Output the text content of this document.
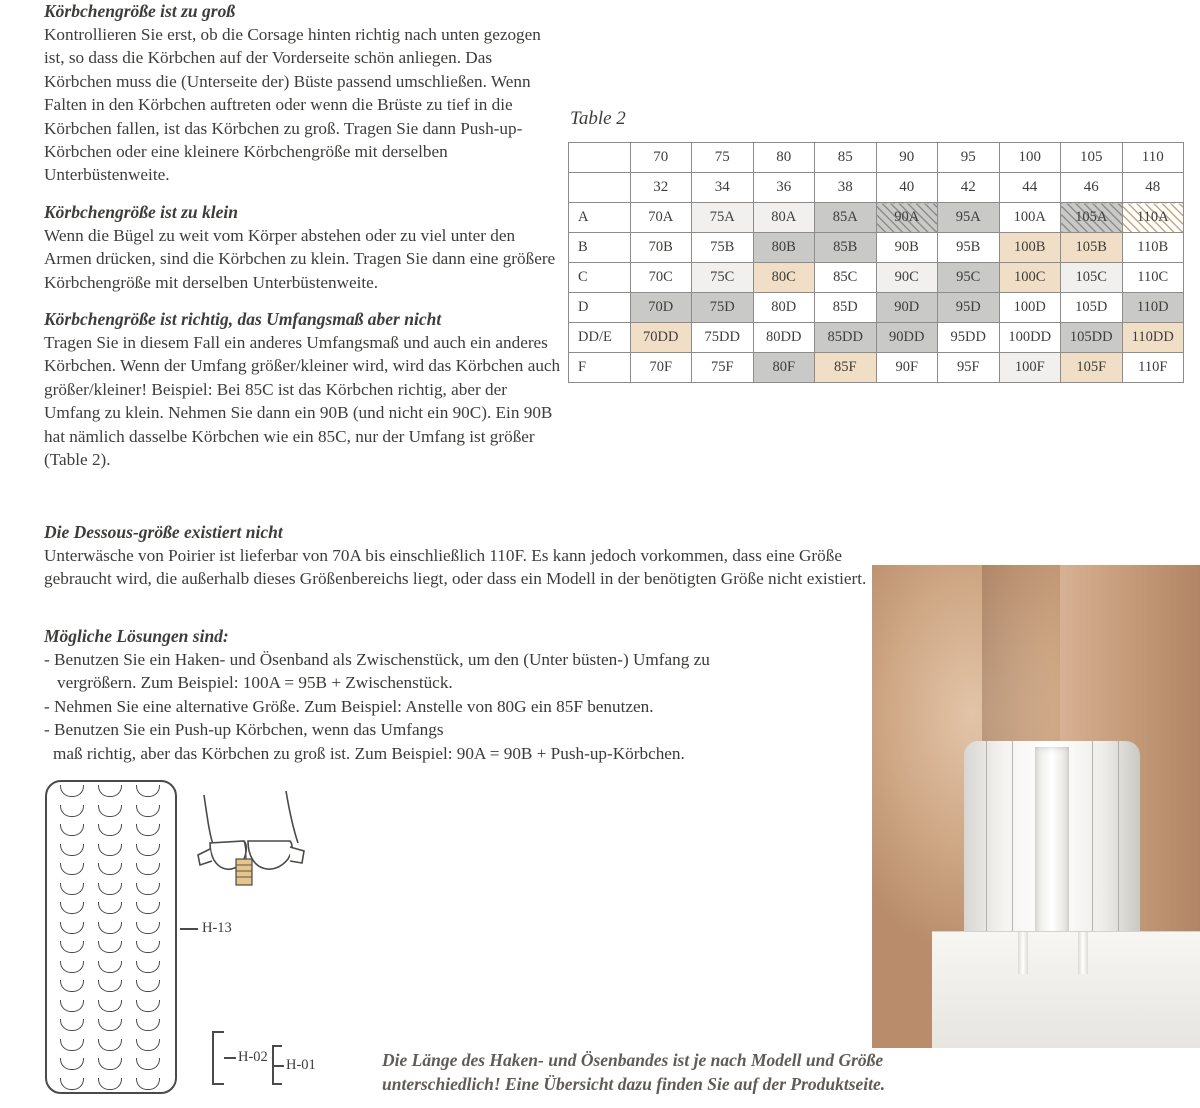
Körbchengröße ist zu groß

Kontrollieren Sie erst, ob die Corsage hinten richtig nach unten gezogen ist, so dass die Körbchen auf der Vorderseite schön anliegen. Das Körbchen muss die (Unterseite der) Büste passend umschließen. Wenn Falten in den Körbchen auftreten oder wenn die Brüste zu tief in die Körbchen fallen, ist das Körbchen zu groß. Tragen Sie dann Push-up-Körbchen oder eine kleinere Körbchengröße mit derselben Unterbüstenweite.

Körbchengröße ist zu klein

Wenn die Bügel zu weit vom Körper abstehen oder zu viel unter den Armen drücken, sind die Körbchen zu klein. Tragen Sie dann eine größere Körbchengröße mit derselben Unterbüstenweite.

Körbchengröße ist richtig, das Umfangsmaß aber nicht

Tragen Sie in diesem Fall ein anderes Umfangsmaß und auch ein anderes Körbchen. Wenn der Umfang größer/kleiner wird, wird das Körbchen auch größer/kleiner! Beispiel: Bei 85C ist das Körbchen richtig, aber der Umfang zu klein. Nehmen Sie dann ein 90B (und nicht ein 90C). Ein 90B hat nämlich dasselbe Körbchen wie ein 85C, nur der Umfang ist größer (Table 2).

Die Dessous-größe existiert nicht

Unterwäsche von Poirier ist lieferbar von 70A bis einschließlich 110F. Es kann jedoch vorkommen, dass eine Größe gebraucht wird, die außerhalb dieses Größenbereichs liegt, oder dass ein Modell in der benötigten Größe nicht existiert.

Mögliche Lösungen sind:

- Benutzen Sie ein Haken- und Ösenband als Zwischenstück, um den (Unter büsten-) Umfang zu

vergrößern. Zum Beispiel: 100A = 95B + Zwischenstück.

- Nehmen Sie eine alternative Größe. Zum Beispiel: Anstelle von 80G ein 85F benutzen.

- Benutzen Sie ein Push-up Körbchen, wenn das Umfangs

maß richtig, aber das Körbchen zu groß ist. Zum Beispiel: 90A = 90B + Push-up-Körbchen.

Table 2
	70	75	80	85	90	95	100	105	110
	32	34	36	38	40	42	44	46	48
A	70A	75A	80A	85A	90A	95A	100A	105A	110A
B	70B	75B	80B	85B	90B	95B	100B	105B	110B
C	70C	75C	80C	85C	90C	95C	100C	105C	110C
D	70D	75D	80D	85D	90D	95D	100D	105D	110D
DD/E	70DD	75DD	80DD	85DD	90DD	95DD	100DD	105DD	110DD
F	70F	75F	80F	85F	90F	95F	100F	105F	110F
Die Länge des Haken- und Ösenbandes ist je nach Modell und Größe unterschiedlich! Eine Übersicht dazu finden Sie auf der Produktseite.
H-13
H-02 H-01
